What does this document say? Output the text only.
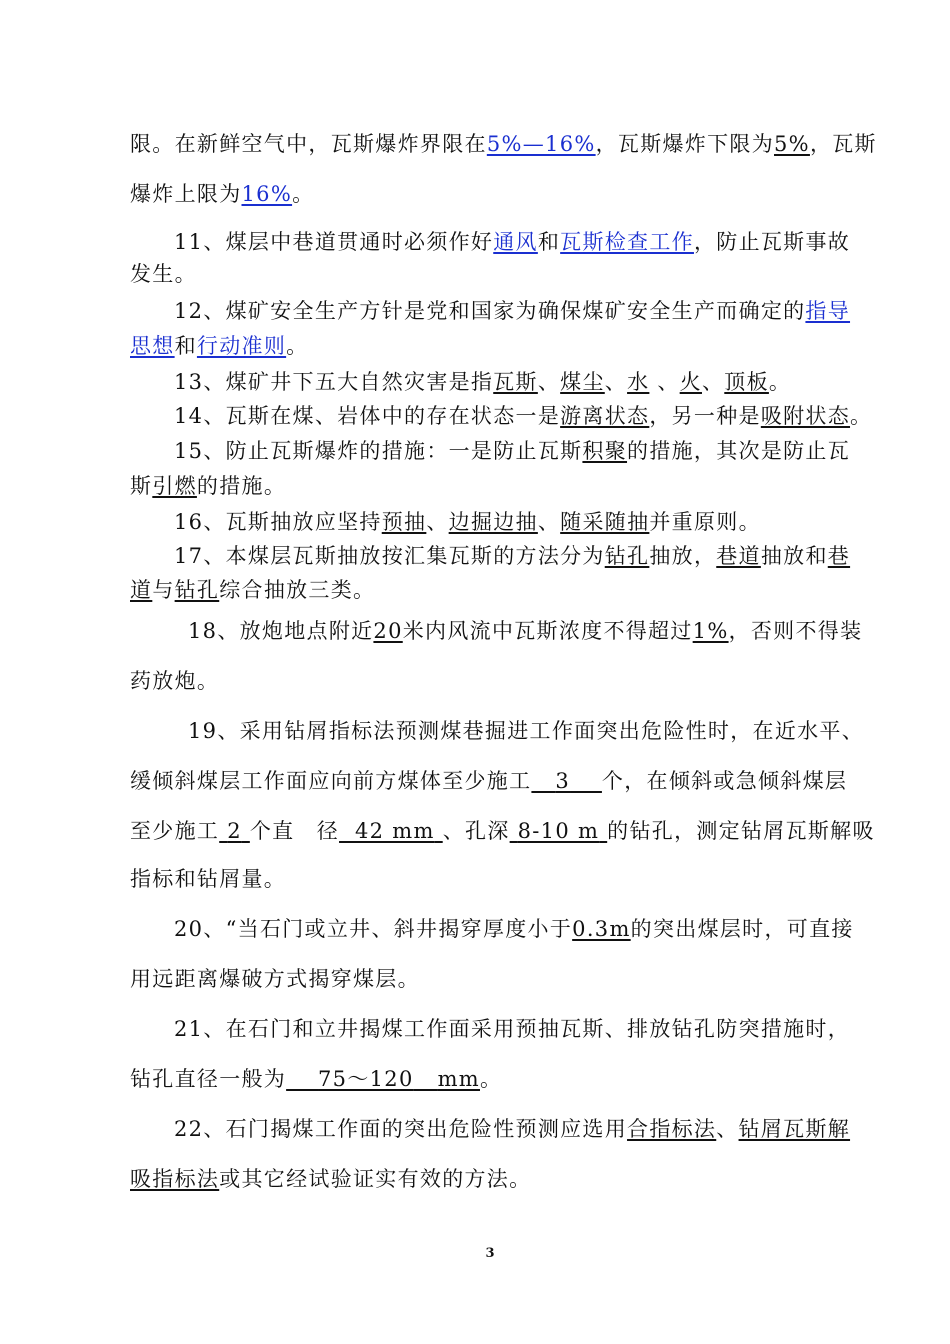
限。在新鲜空气中，瓦斯爆炸界限在5%—16%，瓦斯爆炸下限为5%，瓦斯

爆炸上限为16%。

11、煤层中巷道贯通时必须作好通风和瓦斯检查工作，防止瓦斯事故

发生。

12、煤矿安全生产方针是党和国家为确保煤矿安全生产而确定的指导

思想和行动准则。

13、煤矿井下五大自然灾害是指瓦斯、煤尘、水 、火、顶板。

14、瓦斯在煤、岩体中的存在状态一是游离状态，另一种是吸附状态。

15、防止瓦斯爆炸的措施：一是防止瓦斯积聚的措施，其次是防止瓦

斯引燃的措施。

16、瓦斯抽放应坚持预抽、边掘边抽、随采随抽并重原则。

17、本煤层瓦斯抽放按汇集瓦斯的方法分为钻孔抽放，巷道抽放和巷

道与钻孔综合抽放三类。

18、放炮地点附近20米内风流中瓦斯浓度不得超过1%，否则不得装

药放炮。

19、采用钻屑指标法预测煤巷掘进工作面突出危险性时，在近水平、

缓倾斜煤层工作面应向前方煤体至少施工 3 个，在倾斜或急倾斜煤层

至少施工 2 个直　径 42 mm 、孔深 8-10 m 的钻孔，测定钻屑瓦斯解吸

指标和钻屑量。

20、“当石门或立井、斜井揭穿厚度小于0.3m的突出煤层时，可直接

用远距离爆破方式揭穿煤层。

21、在石门和立井揭煤工作面采用预抽瓦斯、排放钻孔防突措施时，

钻孔直径一般为 75～120 mm。

22、石门揭煤工作面的突出危险性预测应选用合指标法、钻屑瓦斯解

吸指标法或其它经试验证实有效的方法。

3
